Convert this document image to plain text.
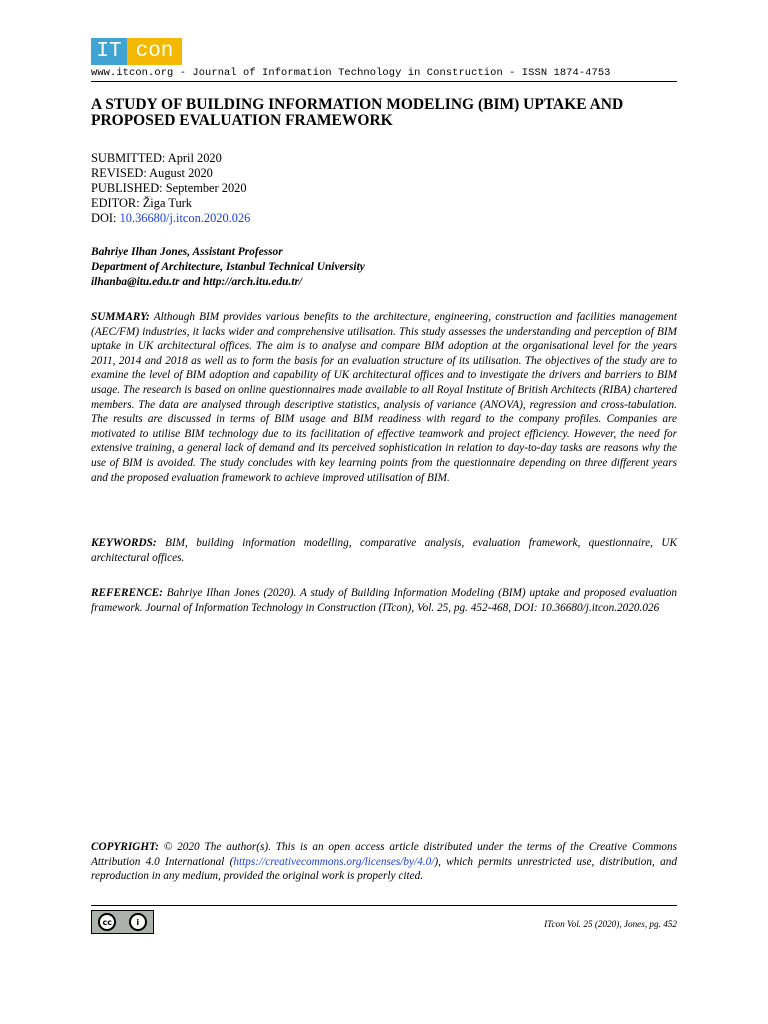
IT con
www.itcon.org - Journal of Information Technology in Construction - ISSN 1874-4753
A STUDY OF BUILDING INFORMATION MODELING (BIM) UPTAKE AND PROPOSED EVALUATION FRAMEWORK
SUBMITTED: April 2020
REVISED: August 2020
PUBLISHED: September 2020
EDITOR: Žiga Turk
DOI: 10.36680/j.itcon.2020.026
Bahriye Ilhan Jones, Assistant Professor
Department of Architecture, Istanbul Technical University
ilhanba@itu.edu.tr and http://arch.itu.edu.tr/

SUMMARY: Although BIM provides various benefits to the architecture, engineering, construction and facilities management (AEC/FM) industries, it lacks wider and comprehensive utilisation. This study assesses the understanding and perception of BIM uptake in UK architectural offices. The aim is to analyse and compare BIM adoption at the organisational level for the years 2011, 2014 and 2018 as well as to form the basis for an evaluation structure of its utilisation. The objectives of the study are to examine the level of BIM adoption and capability of UK architectural offices and to investigate the drivers and barriers to BIM usage. The research is based on online questionnaires made available to all Royal Institute of British Architects (RIBA) chartered members. The data are analysed through descriptive statistics, analysis of variance (ANOVA), regression and cross-tabulation. The results are discussed in terms of BIM usage and BIM readiness with regard to the company profiles. Companies are motivated to utilise BIM technology due to its facilitation of effective teamwork and project efficiency. However, the need for extensive training, a general lack of demand and its perceived sophistication in relation to day-to-day tasks are reasons why the use of BIM is avoided. The study concludes with key learning points from the questionnaire depending on three different years and the proposed evaluation framework to achieve improved utilisation of BIM.

KEYWORDS: BIM, building information modelling, comparative analysis, evaluation framework, questionnaire, UK architectural offices.

REFERENCE: Bahriye Ilhan Jones (2020). A study of Building Information Modeling (BIM) uptake and proposed evaluation framework. Journal of Information Technology in Construction (ITcon), Vol. 25, pg. 452-468, DOI: 10.36680/j.itcon.2020.026

COPYRIGHT: © 2020 The author(s). This is an open access article distributed under the terms of the Creative Commons Attribution 4.0 International (https://creativecommons.org/licenses/by/4.0/), which permits unrestricted use, distribution, and reproduction in any medium, provided the original work is properly cited.

cc	i	ITcon Vol. 25 (2020), Jones, pg. 452
